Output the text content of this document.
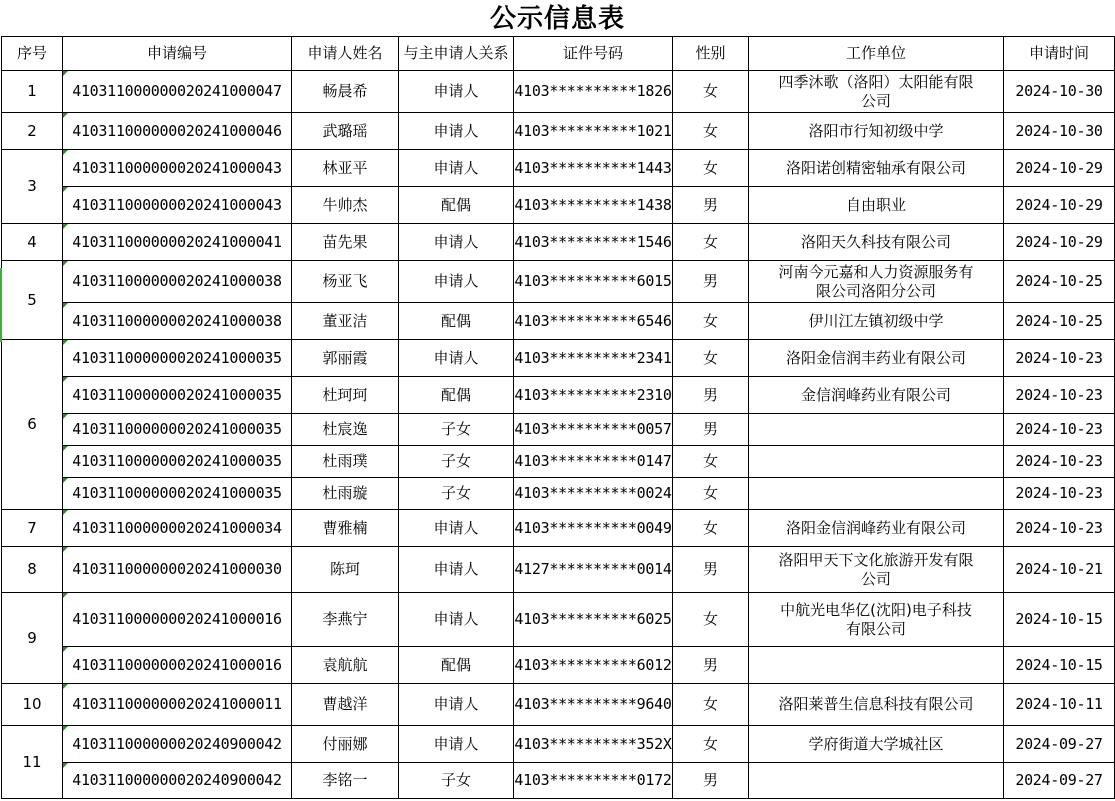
公示信息表
序号	申请编号	申请人姓名	与主申请人关系	证件号码	性别	工作单位	申请时间
1	410311000000020241000047	畅晨希	申请人	4103**********1826	女	四季沐歌（洛阳）太阳能有限公司	2024-10-30
2	410311000000020241000046	武璐瑶	申请人	4103**********1021	女	洛阳市行知初级中学	2024-10-30
3	410311000000020241000043	林亚平	申请人	4103**********1443	女	洛阳诺创精密轴承有限公司	2024-10-29
	410311000000020241000043	牛帅杰	配偶	4103**********1438	男	自由职业	2024-10-29
4	410311000000020241000041	苗先果	申请人	4103**********1546	女	洛阳天久科技有限公司	2024-10-29
5	410311000000020241000038	杨亚飞	申请人	4103**********6015	男	河南今元嘉和人力资源服务有限公司洛阳分公司	2024-10-25
	410311000000020241000038	董亚洁	配偶	4103**********6546	女	伊川江左镇初级中学	2024-10-25
6	410311000000020241000035	郭丽霞	申请人	4103**********2341	女	洛阳金信润丰药业有限公司	2024-10-23
	410311000000020241000035	杜珂珂	配偶	4103**********2310	男	金信润峰药业有限公司	2024-10-23
	410311000000020241000035	杜宸逸	子女	4103**********0057	男		2024-10-23
	410311000000020241000035	杜雨璞	子女	4103**********0147	女		2024-10-23
	410311000000020241000035	杜雨璇	子女	4103**********0024	女		2024-10-23
7	410311000000020241000034	曹雅楠	申请人	4103**********0049	女	洛阳金信润峰药业有限公司	2024-10-23
8	410311000000020241000030	陈珂	申请人	4127**********0014	男	洛阳甲天下文化旅游开发有限公司	2024-10-21
9	410311000000020241000016	李燕宁	申请人	4103**********6025	女	中航光电华亿(沈阳)电子科技有限公司	2024-10-15
	410311000000020241000016	袁航航	配偶	4103**********6012	男		2024-10-15
10	410311000000020241000011	曹越洋	申请人	4103**********9640	女	洛阳莱普生信息科技有限公司	2024-10-11
11	410311000000020240900042	付丽娜	申请人	4103**********352X	女	学府街道大学城社区	2024-09-27
	410311000000020240900042	李铭一	子女	4103**********0172	男		2024-09-27
